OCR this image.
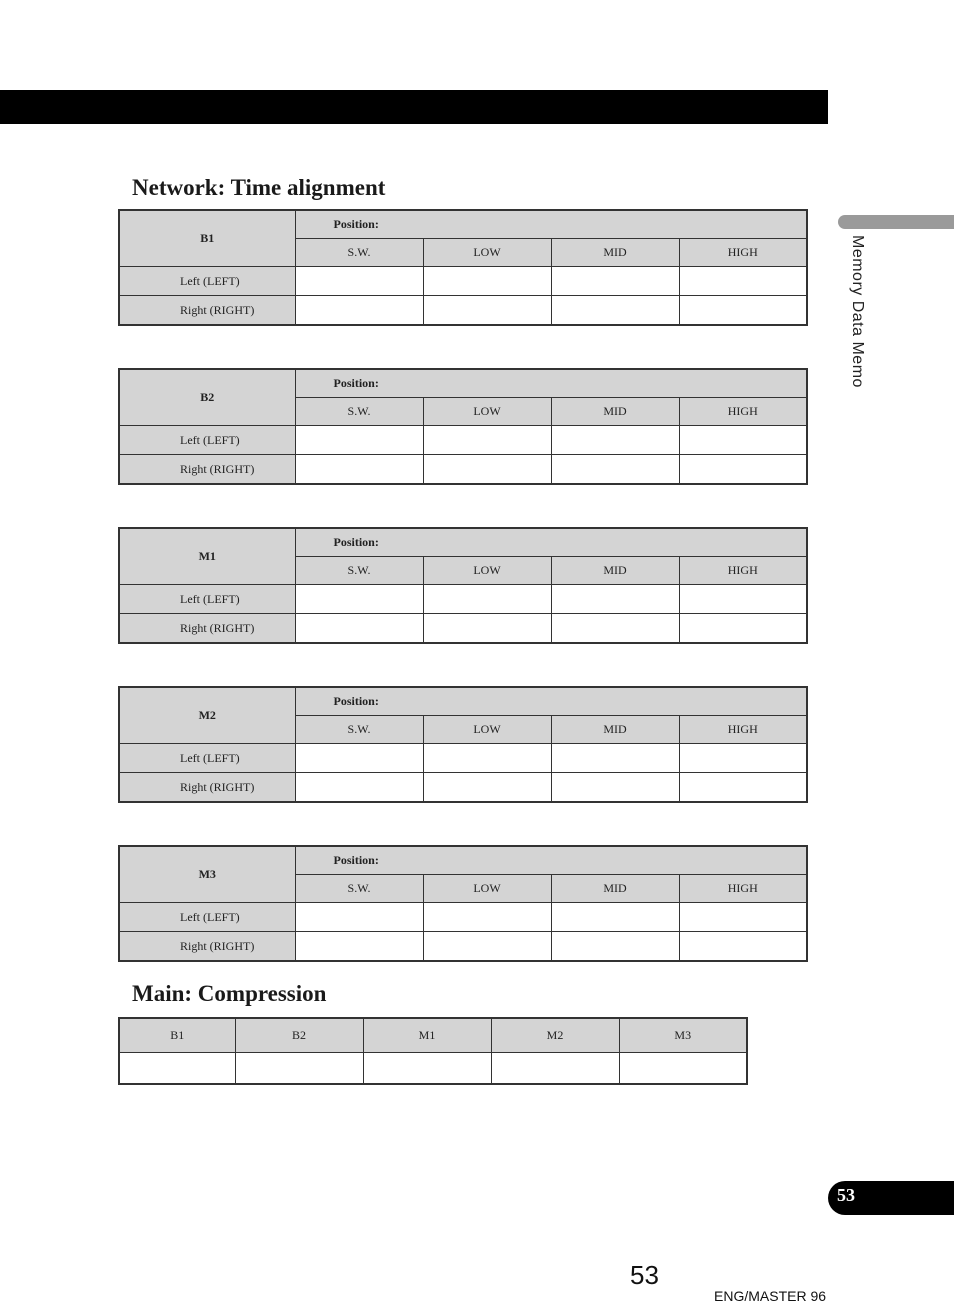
Memory Data Memo
Network: Time alignment
B1	Position:			
	S.W.	LOW	MID	HIGH
Left (LEFT)				
Right (RIGHT)				
B2	Position:			
	S.W.	LOW	MID	HIGH
Left (LEFT)				
Right (RIGHT)				
M1	Position:			
	S.W.	LOW	MID	HIGH
Left (LEFT)				
Right (RIGHT)				
M2	Position:			
	S.W.	LOW	MID	HIGH
Left (LEFT)				
Right (RIGHT)				
M3	Position:			
	S.W.	LOW	MID	HIGH
Left (LEFT)				
Right (RIGHT)				
Main: Compression
B1	B2	M1	M2	M3

53
53
ENG/MASTER 96
